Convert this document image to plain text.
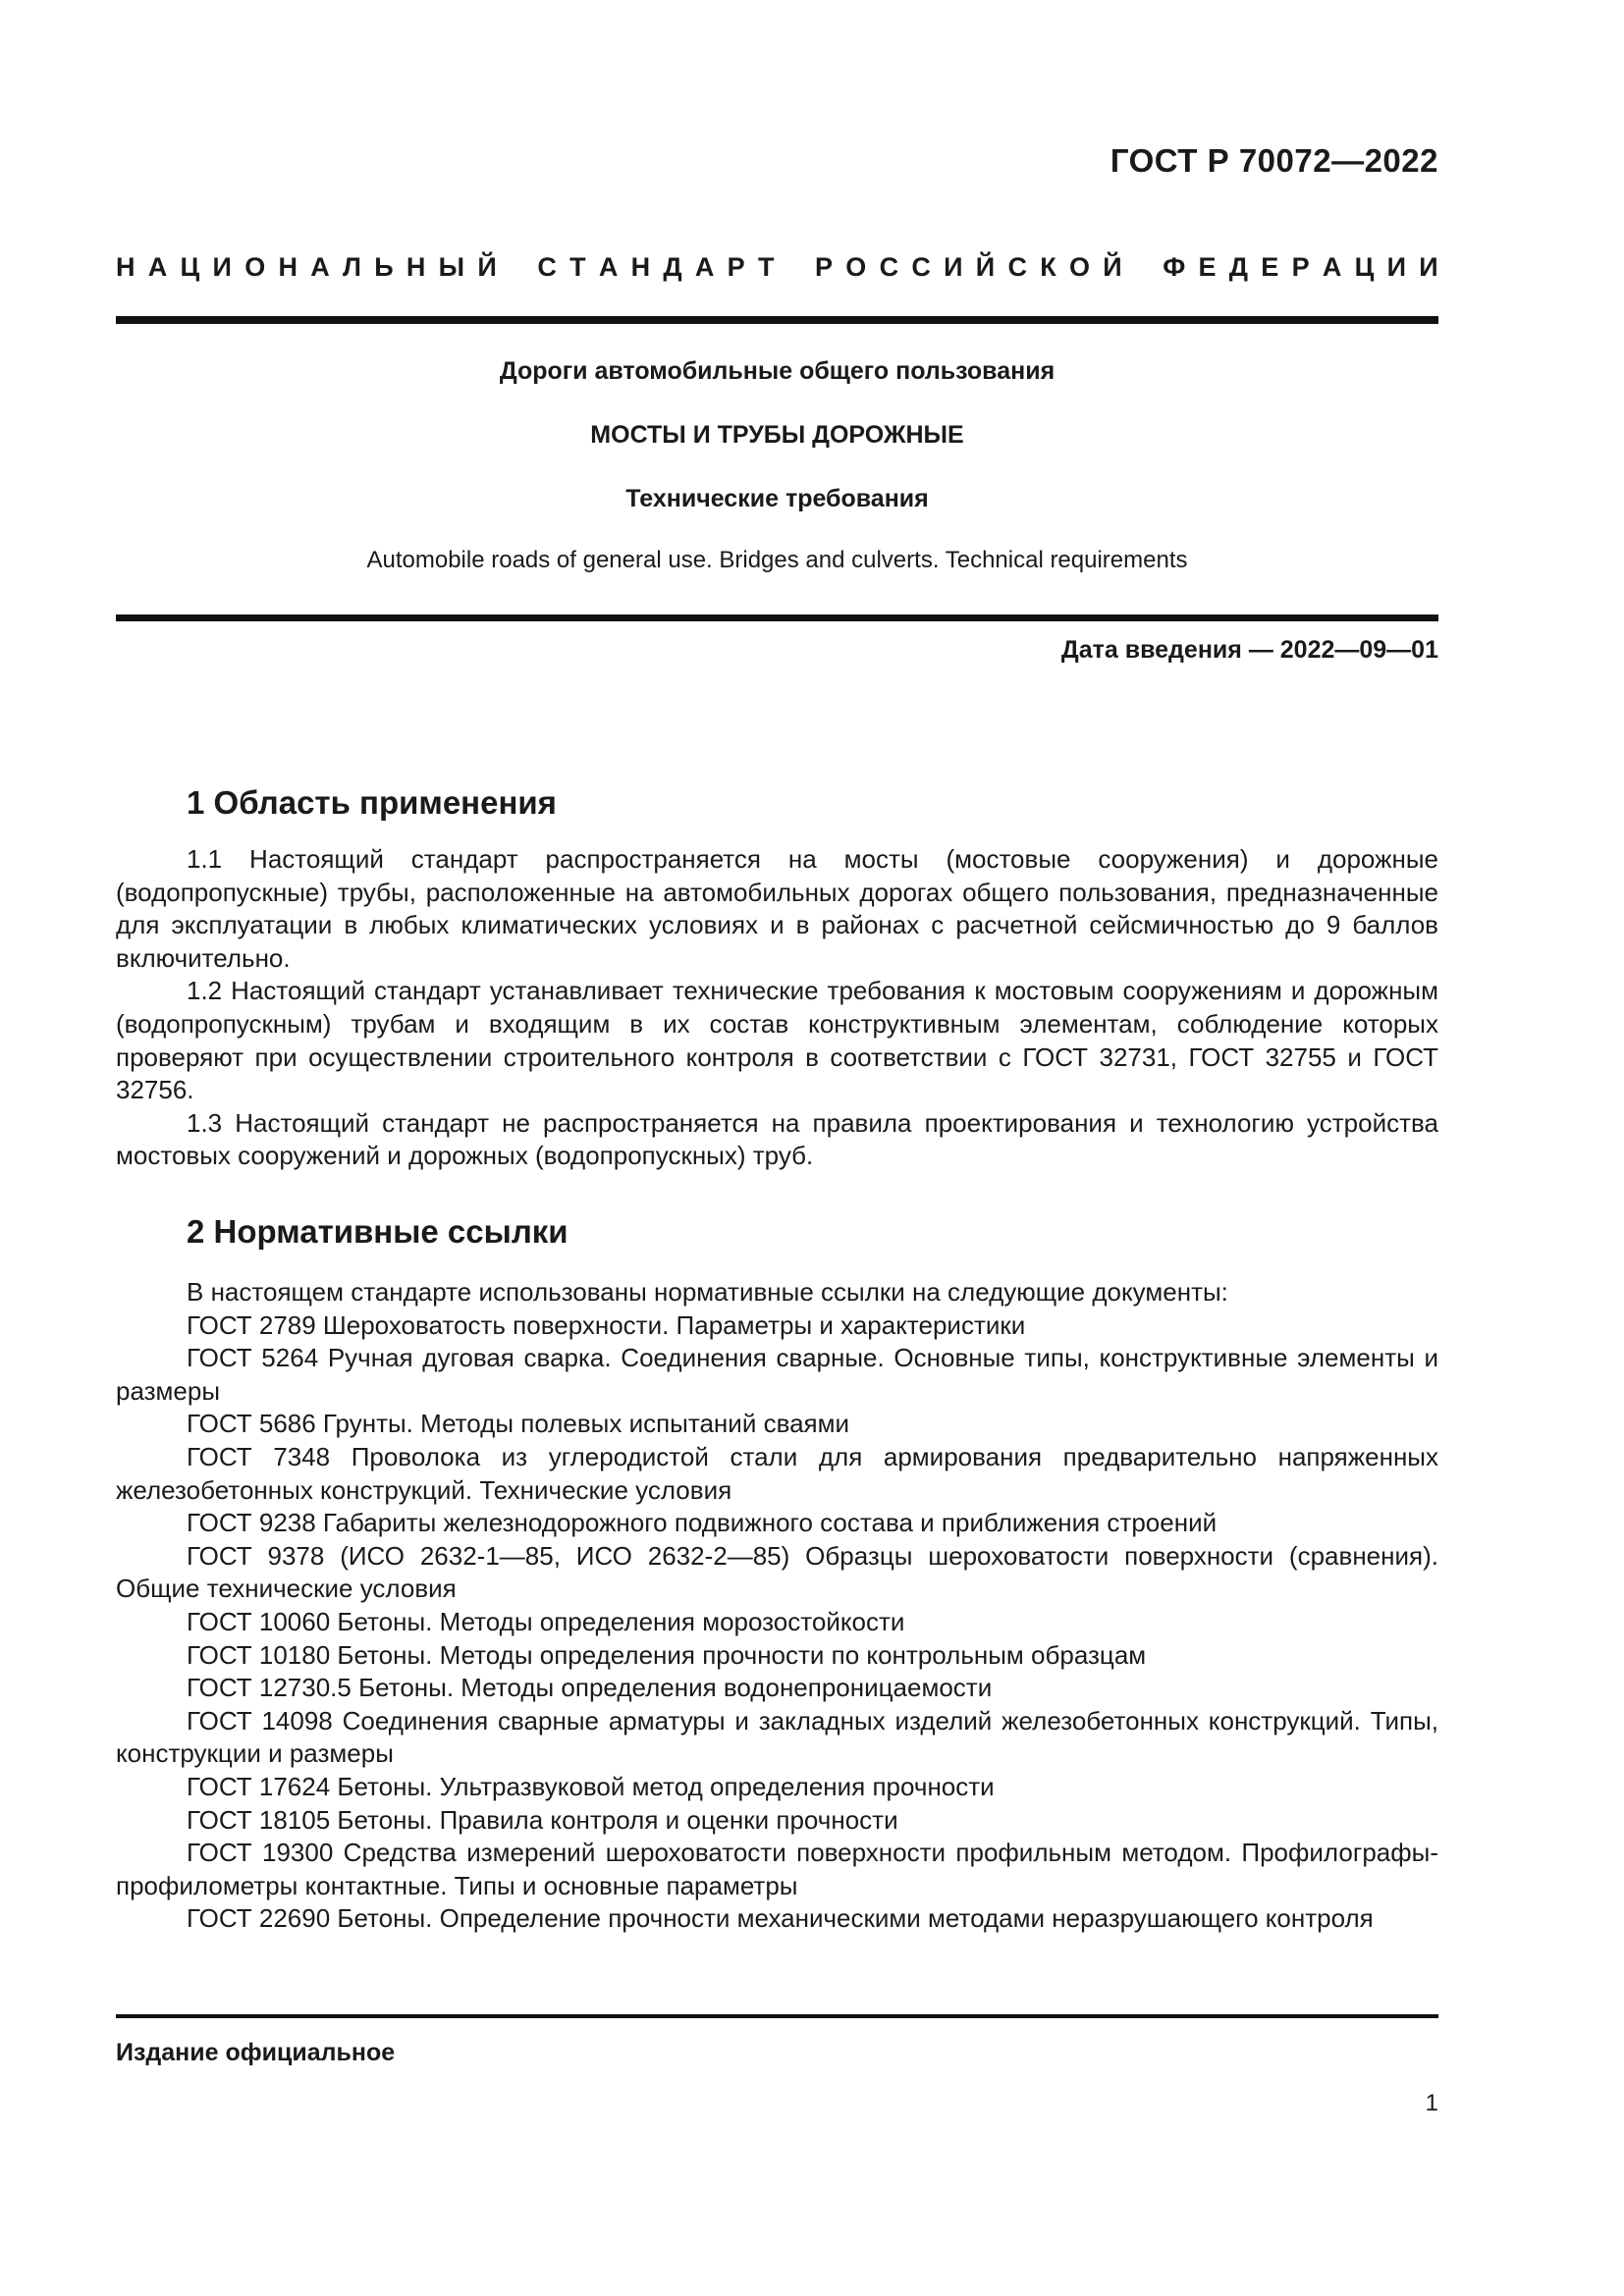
ГОСТ Р 70072—2022
Н А Ц И О Н А Л Ь Н Ы Й
С Т А Н Д А Р Т
Р О С С И Й С К О Й
Ф Е Д Е Р А Ц И И
Дороги автомобильные общего пользования
МОСТЫ И ТРУБЫ ДОРОЖНЫЕ
Технические требования
Automobile roads of general use. Bridges and culverts. Technical requirements
Дата введения — 2022—09—01
1 Область применения

1.1 Настоящий стандарт распространяется на мосты (мостовые сооружения) и дорожные (водопропускные) трубы, расположенные на автомобильных дорогах общего пользования, предназначенные для эксплуатации в любых климатических условиях и в районах с расчетной сейсмичностью до 9 баллов включительно.

1.2 Настоящий стандарт устанавливает технические требования к мостовым сооружениям и дорожным (водопропускным) трубам и входящим в их состав конструктивным элементам, соблюдение которых проверяют при осуществлении строительного контроля в соответствии с ГОСТ 32731, ГОСТ 32755 и ГОСТ 32756.

1.3 Настоящий стандарт не распространяется на правила проектирования и технологию устройства мостовых сооружений и дорожных (водопропускных) труб.

2 Нормативные ссылки

В настоящем стандарте использованы нормативные ссылки на следующие документы:

ГОСТ 2789 Шероховатость поверхности. Параметры и характеристики

ГОСТ 5264 Ручная дуговая сварка. Соединения сварные. Основные типы, конструктивные элементы и размеры

ГОСТ 5686 Грунты. Методы полевых испытаний сваями

ГОСТ 7348 Проволока из углеродистой стали для армирования предварительно напряженных железобетонных конструкций. Технические условия

ГОСТ 9238 Габариты железнодорожного подвижного состава и приближения строений

ГОСТ 9378 (ИСО 2632-1—85, ИСО 2632-2—85) Образцы шероховатости поверхности (сравнения). Общие технические условия

ГОСТ 10060 Бетоны. Методы определения морозостойкости

ГОСТ 10180 Бетоны. Методы определения прочности по контрольным образцам

ГОСТ 12730.5 Бетоны. Методы определения водонепроницаемости

ГОСТ 14098 Соединения сварные арматуры и закладных изделий железобетонных конструкций. Типы, конструкции и размеры

ГОСТ 17624 Бетоны. Ультразвуковой метод определения прочности

ГОСТ 18105 Бетоны. Правила контроля и оценки прочности

ГОСТ 19300 Средства измерений шероховатости поверхности профильным методом. Профилографы-профилометры контактные. Типы и основные параметры

ГОСТ 22690 Бетоны. Определение прочности механическими методами неразрушающего контроля

Издание официальное
1
